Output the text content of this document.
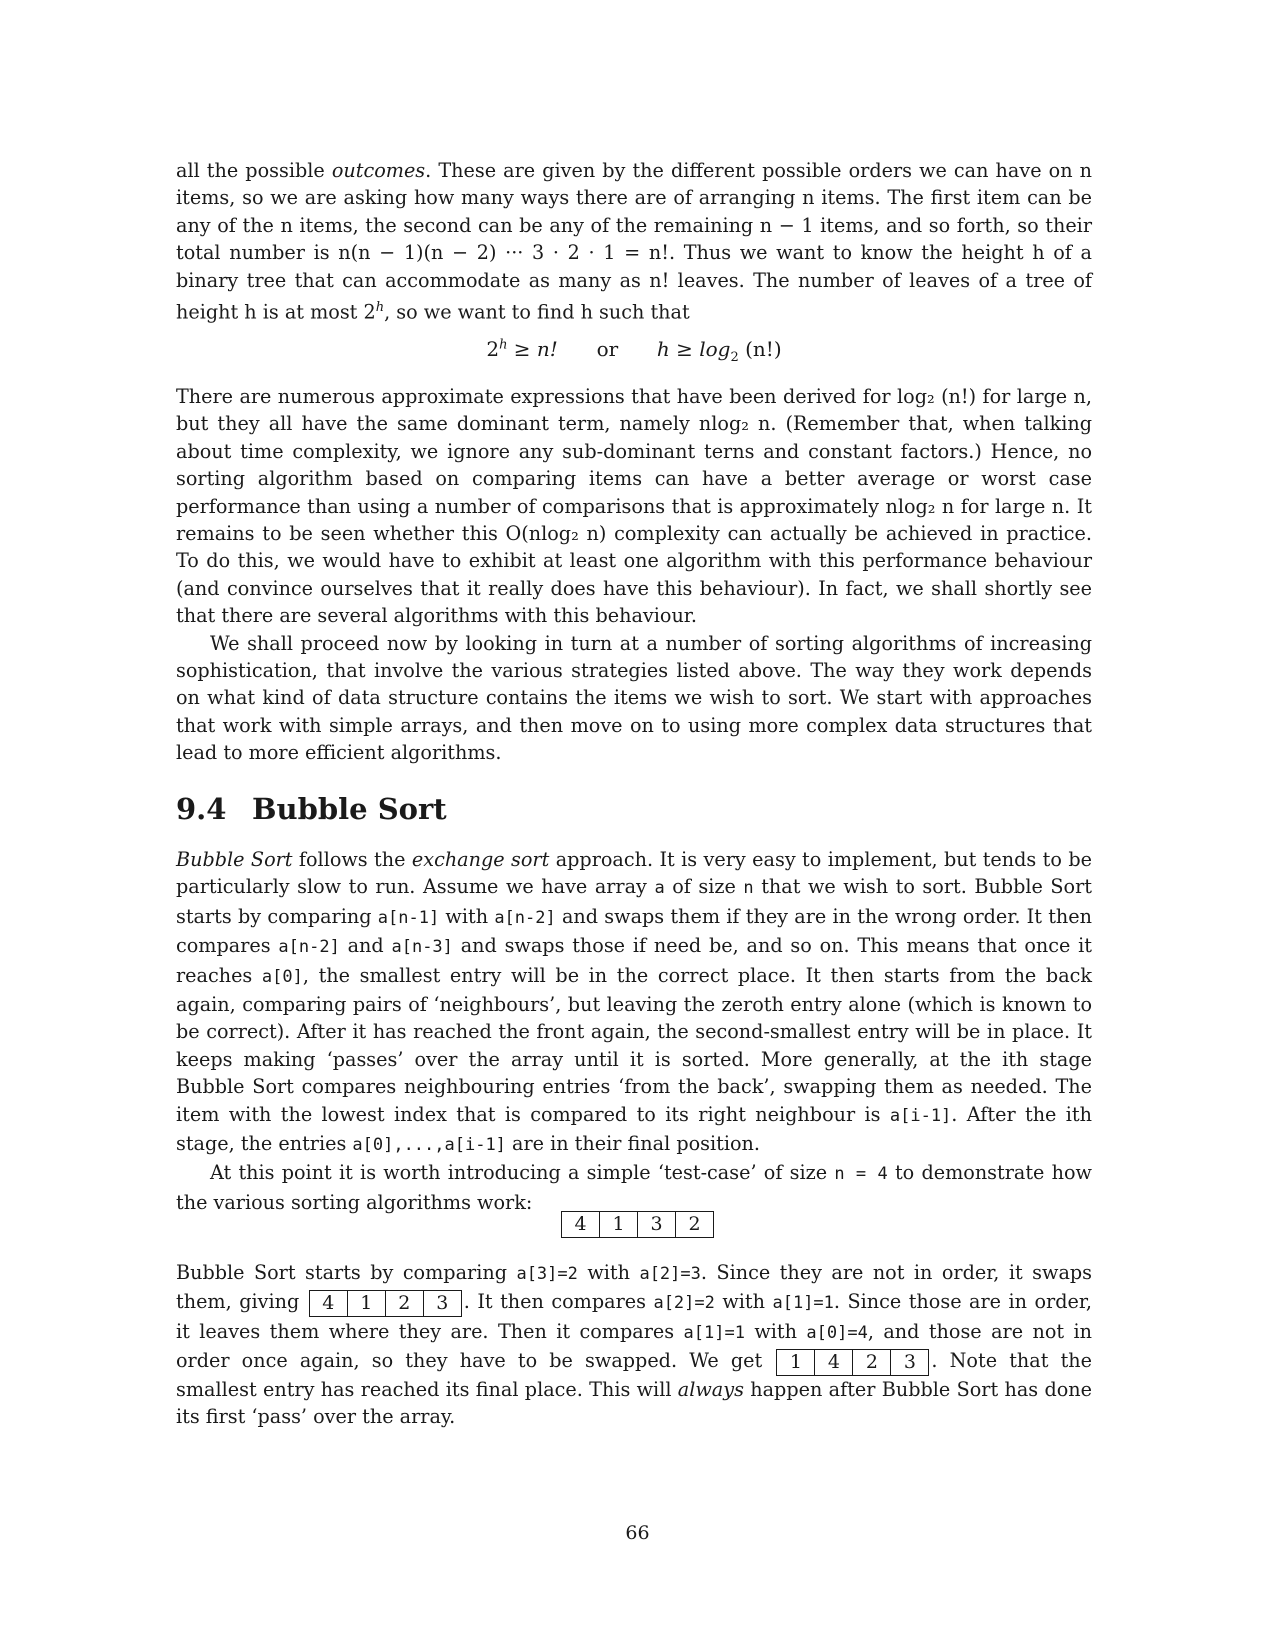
all the possible outcomes. These are given by the different possible orders we can have on n items, so we are asking how many ways there are of arranging n items. The first item can be any of the n items, the second can be any of the remaining n − 1 items, and so forth, so their total number is n(n − 1)(n − 2) ··· 3 · 2 · 1 = n!. Thus we want to know the height h of a binary tree that can accommodate as many as n! leaves. The number of leaves of a tree of height h is at most 2$^h$, so we want to find h such that

$2^h \ge n$! or $h \ge \log_2 (n!)$

There are numerous approximate expressions that have been derived for log₂ (n!) for large n, but they all have the same dominant term, namely nlog₂ n. (Remember that, when talking about time complexity, we ignore any sub-dominant terns and constant factors.) Hence, no sorting algorithm based on comparing items can have a better average or worst case performance than using a number of comparisons that is approximately nlog₂ n for large n. It remains to be seen whether this O(nlog₂ n) complexity can actually be achieved in practice. To do this, we would have to exhibit at least one algorithm with this performance behaviour (and convince ourselves that it really does have this behaviour). In fact, we shall shortly see that there are several algorithms with this behaviour.

We shall proceed now by looking in turn at a number of sorting algorithms of increasing sophistication, that involve the various strategies listed above. The way they work depends on what kind of data structure contains the items we wish to sort. We start with approaches that work with simple arrays, and then move on to using more complex data structures that lead to more efficient algorithms.

9.4 Bubble Sort

Bubble Sort follows the exchange sort approach. It is very easy to implement, but tends to be particularly slow to run. Assume we have array a of size n that we wish to sort. Bubble Sort starts by comparing a[n-1] with a[n-2] and swaps them if they are in the wrong order. It then compares a[n-2] and a[n-3] and swaps those if need be, and so on. This means that once it reaches a[0], the smallest entry will be in the correct place. It then starts from the back again, comparing pairs of ‘neighbours’, but leaving the zeroth entry alone (which is known to be correct). After it has reached the front again, the second-smallest entry will be in place. It keeps making ‘passes’ over the array until it is sorted. More generally, at the ith stage Bubble Sort compares neighbouring entries ‘from the back’, swapping them as needed. The item with the lowest index that is compared to its right neighbour is a[i-1]. After the ith stage, the entries a[0],...,a[i-1] are in their final position.

At this point it is worth introducing a simple ‘test-case’ of size n = 4 to demonstrate how the various sorting algorithms work:

4	1	3	2

Bubble Sort starts by comparing a[3]=2 with a[2]=3. Since they are not in order, it swaps them, giving 4	1	2	3 . It then compares a[2]=2 with a[1]=1. Since those are in order, it leaves them where they are. Then it compares a[1]=1 with a[0]=4, and those are not in order once again, so they have to be swapped. We get 1	4	2	3 . Note that the smallest entry has reached its final place. This will always happen after Bubble Sort has done its first ‘pass’ over the array.

66
